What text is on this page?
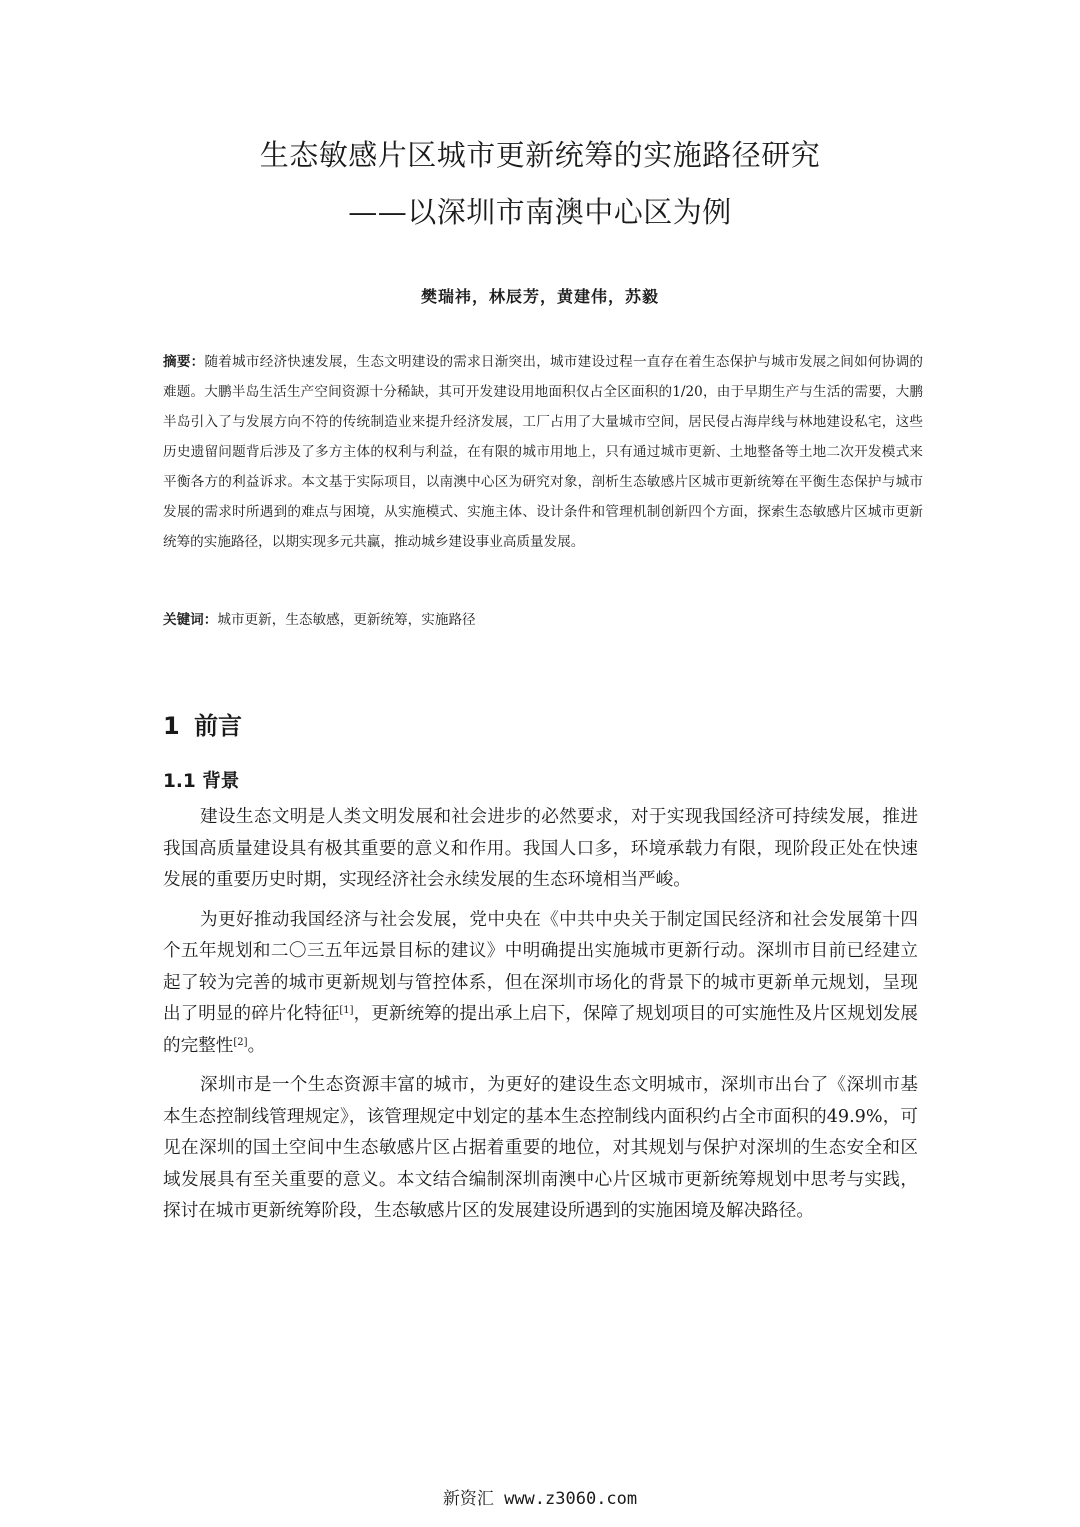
生态敏感片区城市更新统筹的实施路径研究
——以深圳市南澳中心区为例
樊瑞祎，林辰芳，黄建伟，苏毅

摘要：随着城市经济快速发展，生态文明建设的需求日渐突出，城市建设过程一直存在着生态保护与城市发展之间如何协调的难题。大鹏半岛生活生产空间资源十分稀缺，其可开发建设用地面积仅占全区面积的1/20，由于早期生产与生活的需要，大鹏半岛引入了与发展方向不符的传统制造业来提升经济发展，工厂占用了大量城市空间，居民侵占海岸线与林地建设私宅，这些历史遗留问题背后涉及了多方主体的权利与利益，在有限的城市用地上，只有通过城市更新、土地整备等土地二次开发模式来平衡各方的利益诉求。本文基于实际项目，以南澳中心区为研究对象，剖析生态敏感片区城市更新统筹在平衡生态保护与城市发展的需求时所遇到的难点与困境，从实施模式、实施主体、设计条件和管理机制创新四个方面，探索生态敏感片区城市更新统筹的实施路径，以期实现多元共赢，推动城乡建设事业高质量发展。

关键词：城市更新，生态敏感，更新统筹，实施路径

1 前言
1.1 背景

建设生态文明是人类文明发展和社会进步的必然要求，对于实现我国经济可持续发展，推进我国高质量建设具有极其重要的意义和作用。我国人口多，环境承载力有限，现阶段正处在快速发展的重要历史时期，实现经济社会永续发展的生态环境相当严峻。

为更好推动我国经济与社会发展，党中央在《中共中央关于制定国民经济和社会发展第十四个五年规划和二〇三五年远景目标的建议》中明确提出实施城市更新行动。深圳市目前已经建立起了较为完善的城市更新规划与管控体系，但在深圳市场化的背景下的城市更新单元规划，呈现出了明显的碎片化特征[1]，更新统筹的提出承上启下，保障了规划项目的可实施性及片区规划发展的完整性[2]。

深圳市是一个生态资源丰富的城市，为更好的建设生态文明城市，深圳市出台了《深圳市基本生态控制线管理规定》，该管理规定中划定的基本生态控制线内面积约占全市面积的49.9%，可见在深圳的国土空间中生态敏感片区占据着重要的地位，对其规划与保护对深圳的生态安全和区域发展具有至关重要的意义。本文结合编制深圳南澳中心片区城市更新统筹规划中思考与实践，探讨在城市更新统筹阶段，生态敏感片区的发展建设所遇到的实施困境及解决路径。

新资汇 www.z3060.com
